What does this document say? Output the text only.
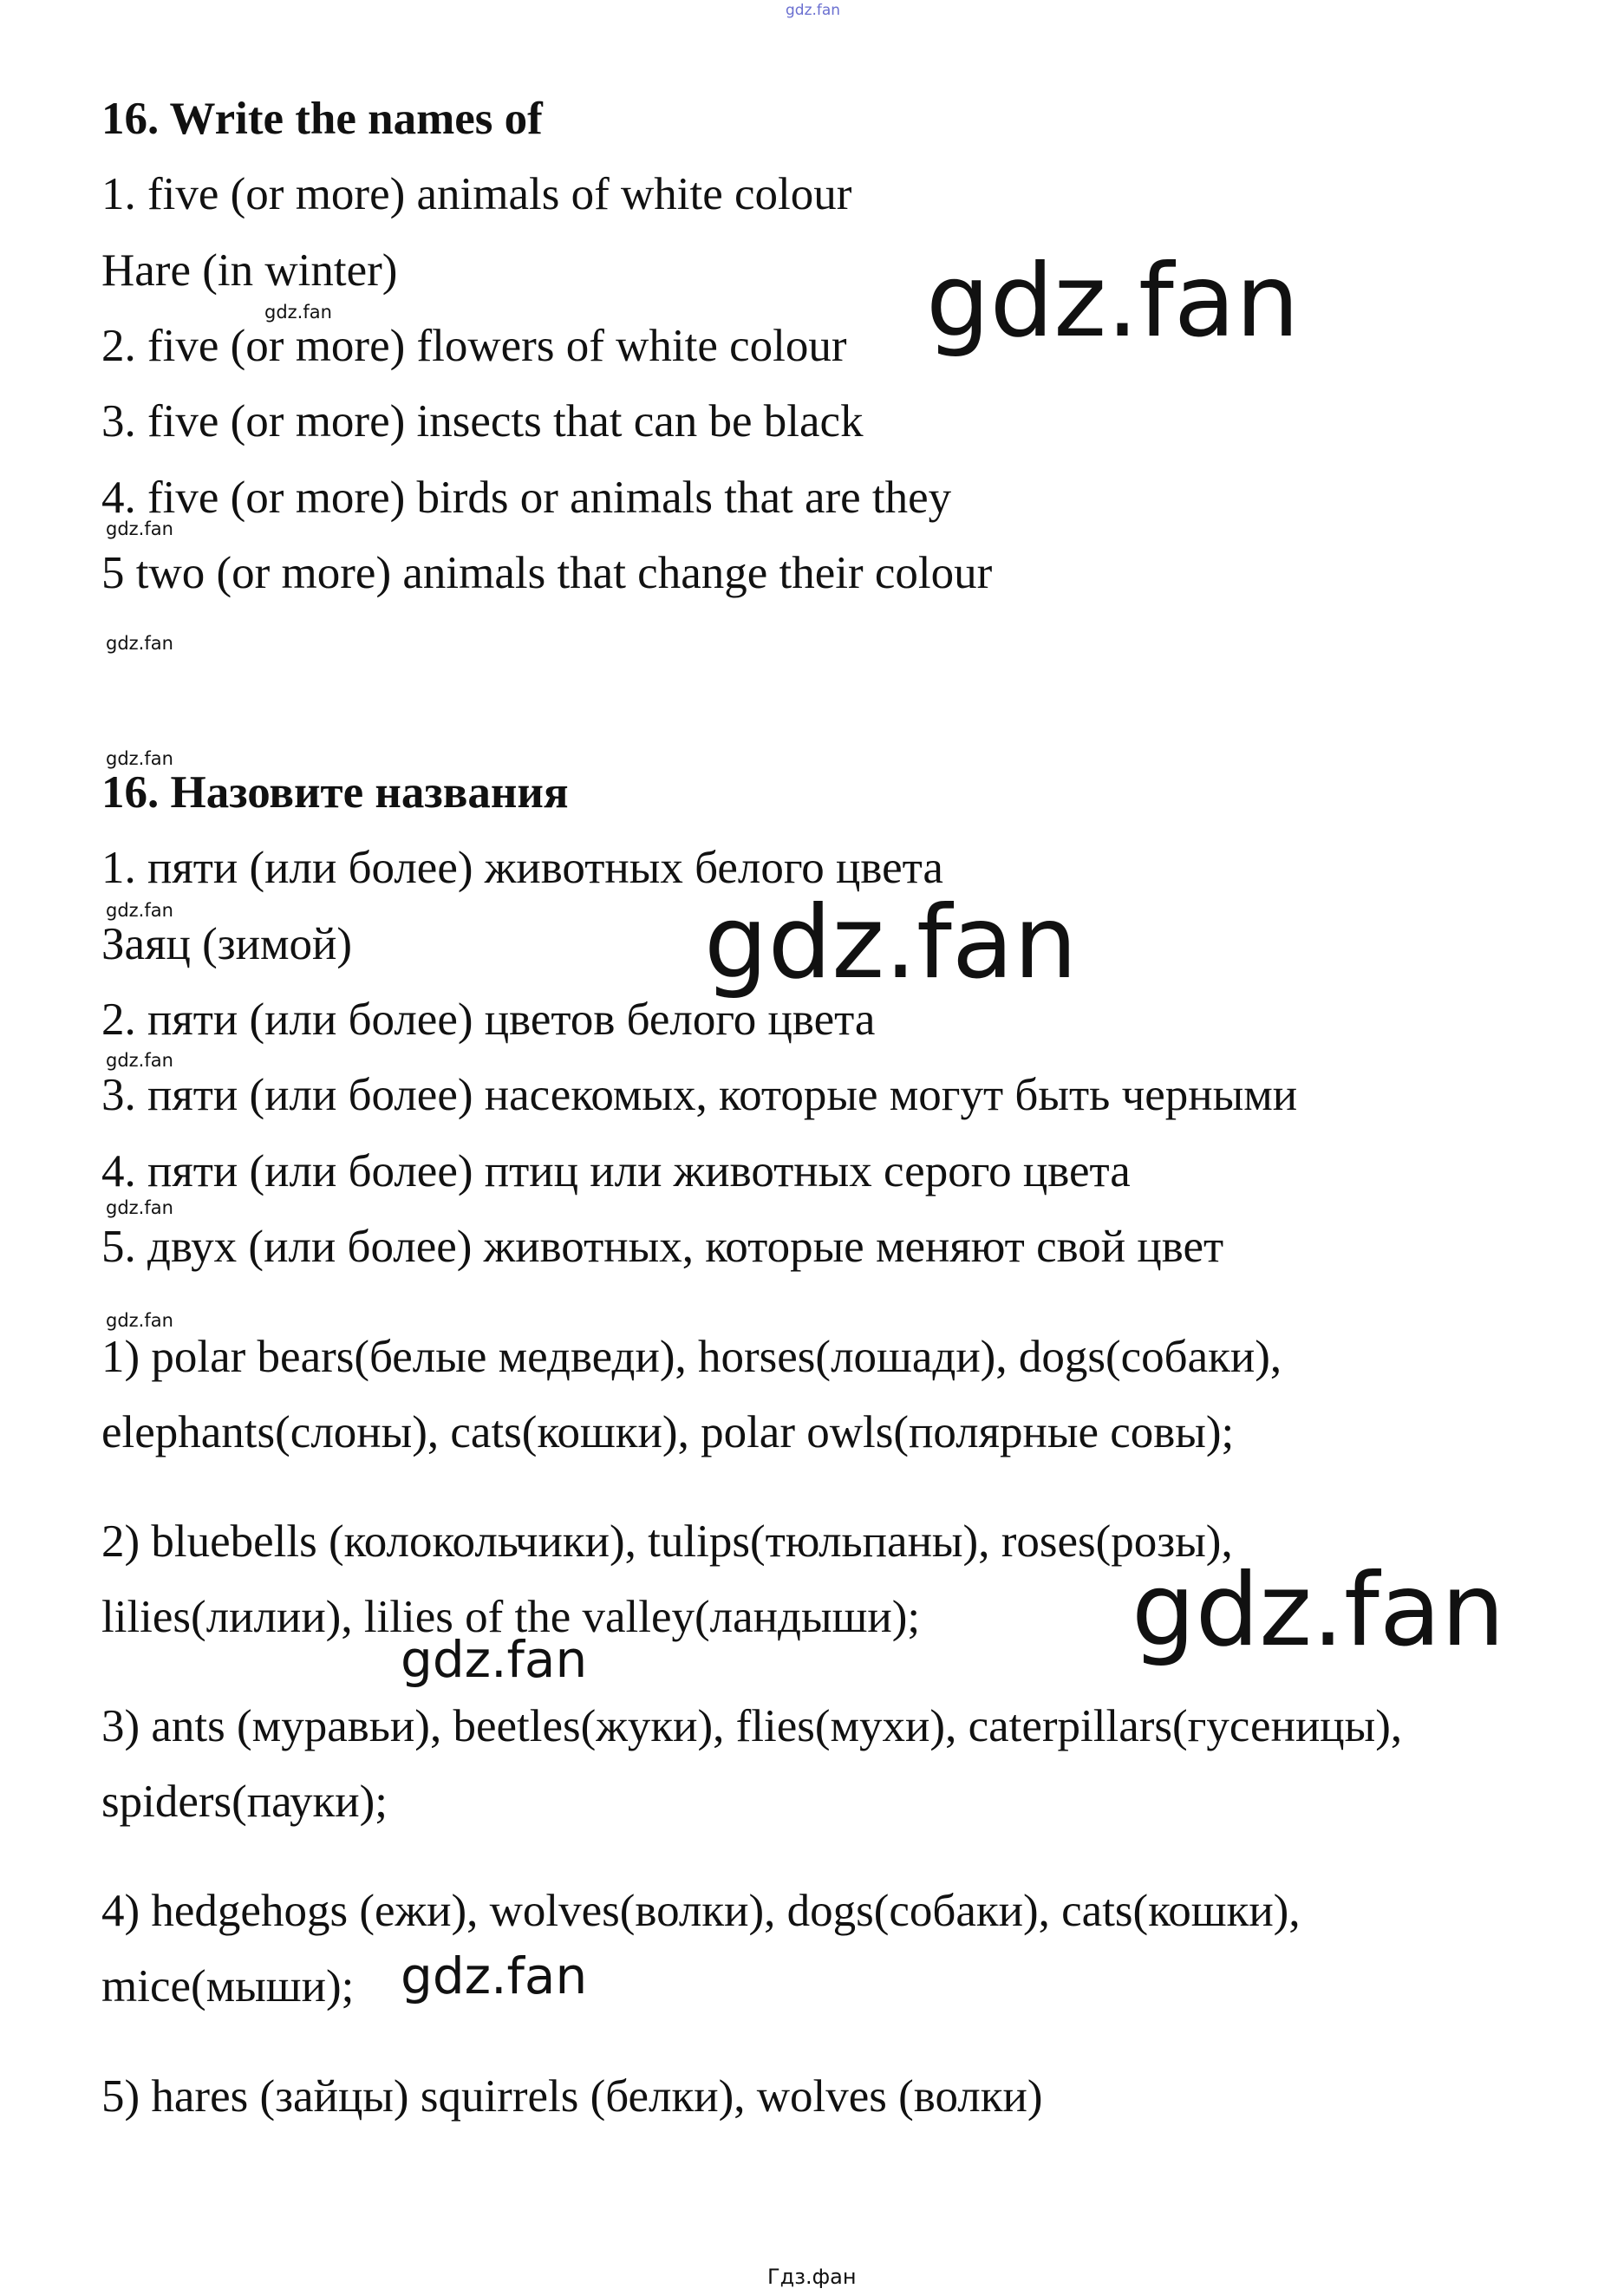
gdz.fan
16. Write the names of
1. five (or more) animals of white colour
Hare (in winter)
2. five (or more) flowers of white colour
3. five (or more) insects that can be black
4. five (or more) birds or animals that are they
5 two (or more) animals that change their colour
16. Назовите названия
1. пяти (или более) животных белого цвета
Заяц (зимой)
2. пяти (или более) цветов белого цвета
3. пяти (или более) насекомых, которые могут быть черными
4. пяти (или более) птиц или животных серого цвета
5. двух (или более) животных, которые меняют свой цвет
1) polar bears(белые медведи), horses(лошади), dogs(собаки),
elephants(слоны), cats(кошки), polar owls(полярные совы);
2) bluebells (колокольчики), tulips(тюльпаны), roses(розы),
lilies(лилии), lilies of the valley(ландыши);
3) ants (муравьи), beetles(жуки), flies(мухи), caterpillars(гусеницы),
spiders(пауки);
4) hedgehogs (ежи), wolves(волки), dogs(собаки), cats(кошки),
mice(мыши);
5) hares (зайцы) squirrels (белки), wolves (волки)
gdz.fan	gdz.fan
gdz.fan
gdz.fan
gdz.fan
gdz.fan	gdz.fan
gdz.fan
gdz.fan
gdz.fan
gdz.fan
gdz.fan
gdz.fan
Гдз.фан
